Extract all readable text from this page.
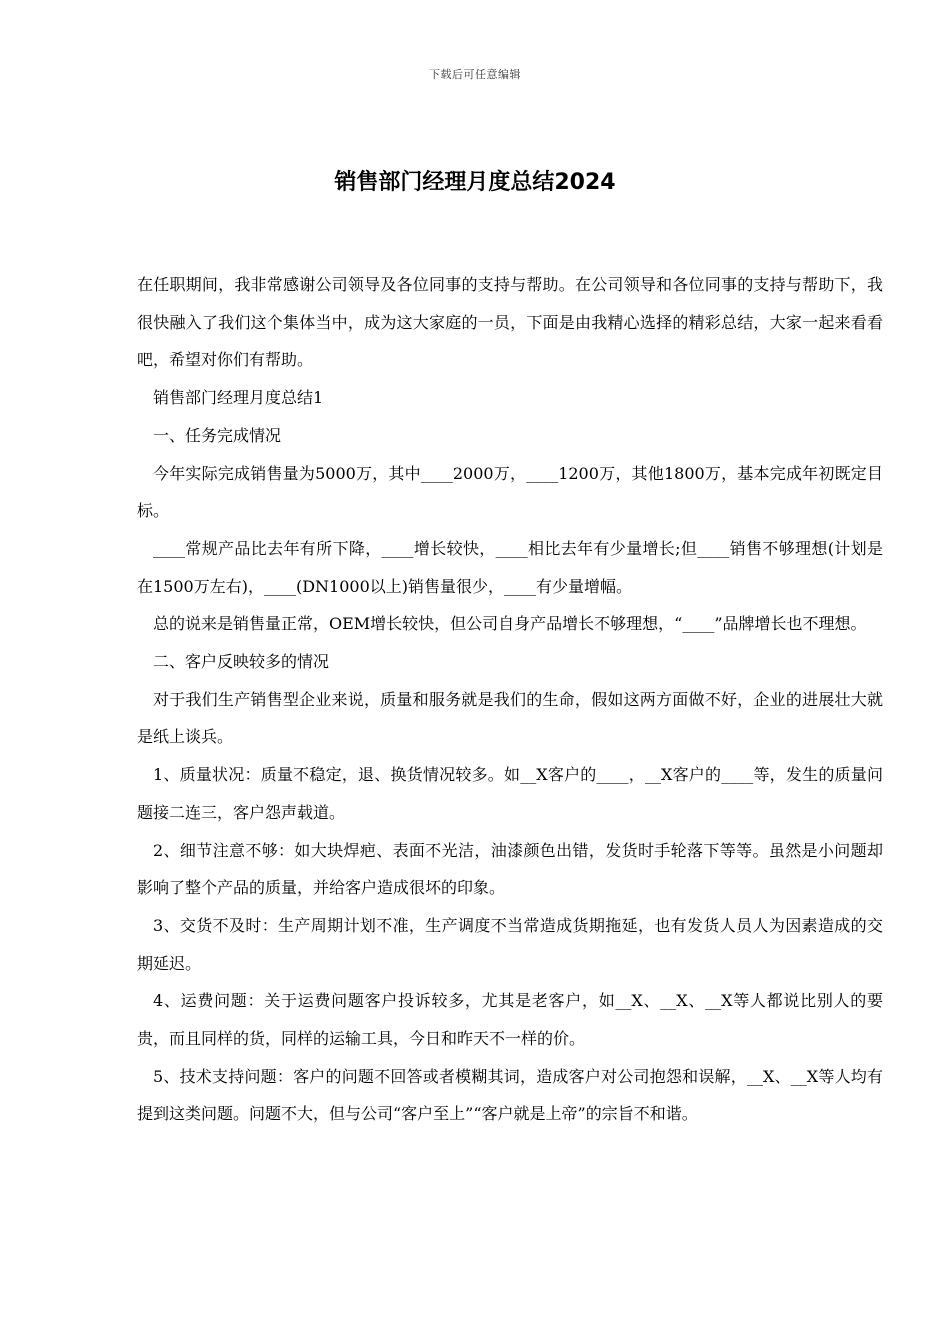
下载后可任意编辑
销售部门经理月度总结2024

在任职期间，我非常感谢公司领导及各位同事的支持与帮助。在公司领导和各位同事的支持与帮助下，我很快融入了我们这个集体当中，成为这大家庭的一员，下面是由我精心选择的精彩总结，大家一起来看看吧，希望对你们有帮助。

销售部门经理月度总结1

一、任务完成情况

今年实际完成销售量为5000万，其中____2000万，____1200万，其他1800万，基本完成年初既定目标。

____常规产品比去年有所下降，____增长较快，____相比去年有少量增长;但____销售不够理想(计划是在1500万左右)，____(DN1000以上)销售量很少，____有少量增幅。

总的说来是销售量正常，OEM增长较快，但公司自身产品增长不够理想，“____”品牌增长也不理想。

二、客户反映较多的情况

对于我们生产销售型企业来说，质量和服务就是我们的生命，假如这两方面做不好，企业的进展壮大就是纸上谈兵。

1、质量状况：质量不稳定，退、换货情况较多。如__X客户的____，__X客户的____等，发生的质量问题接二连三，客户怨声载道。

2、细节注意不够：如大块焊疤、表面不光洁，油漆颜色出错，发货时手轮落下等等。虽然是小问题却影响了整个产品的质量，并给客户造成很坏的印象。

3、交货不及时：生产周期计划不准，生产调度不当常造成货期拖延，也有发货人员人为因素造成的交期延迟。

4、运费问题：关于运费问题客户投诉较多，尤其是老客户，如__X、__X、__X等人都说比别人的要贵，而且同样的货，同样的运输工具，今日和昨天不一样的价。

5、技术支持问题：客户的问题不回答或者模糊其词，造成客户对公司抱怨和误解，__X、__X等人均有提到这类问题。问题不大，但与公司“客户至上”“客户就是上帝”的宗旨不和谐。
